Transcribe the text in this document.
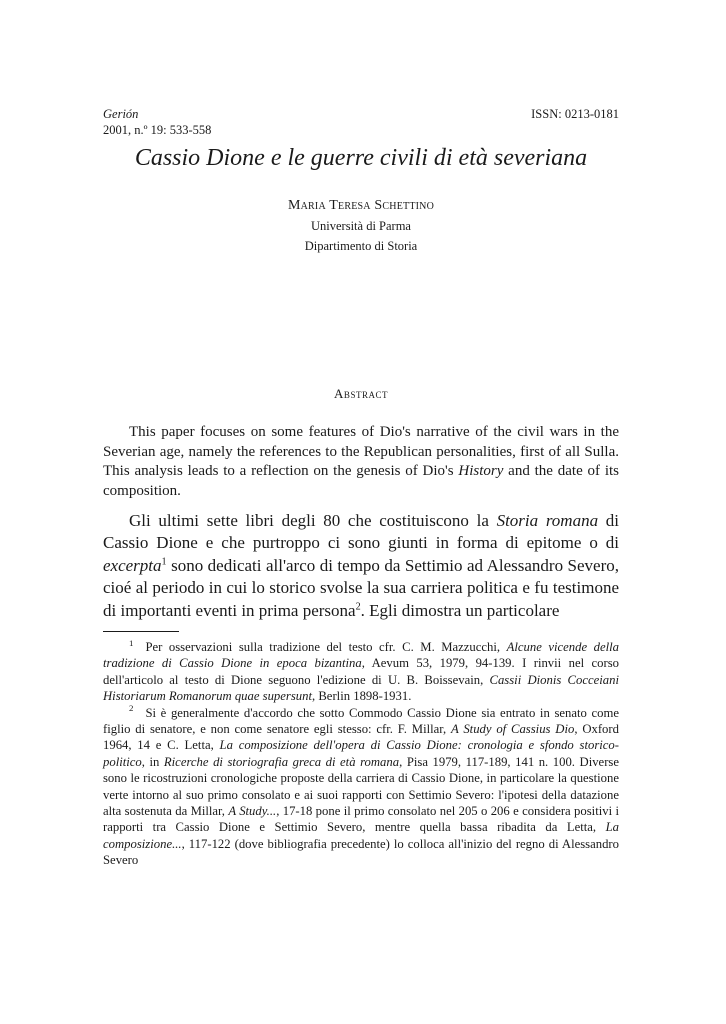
Gerión
2001, n.º 19: 533-558
ISSN: 0213-0181
Cassio Dione e le guerre civili di età severiana
Maria Teresa Schettino
Università di Parma
Dipartimento di Storia
Abstract

This paper focuses on some features of Dio's narrative of the civil wars in the Severian age, namely the references to the Republican personalities, first of all Sulla. This analysis leads to a reflection on the genesis of Dio's History and the date of its composition.

Gli ultimi sette libri degli 80 che costituiscono la Storia romana di Cassio Dione e che purtroppo ci sono giunti in forma di epitome o di excerpta$^1$ sono dedicati all'arco di tempo da Settimio ad Alessandro Severo, cioé al periodo in cui lo storico svolse la sua carriera politica e fu testimone di importanti eventi in prima persona$^2$. Egli dimostra un particolare

$^1$ Per osservazioni sulla tradizione del testo cfr. C. M. Mazzucchi, Alcune vicende della tradizione di Cassio Dione in epoca bizantina, Aevum 53, 1979, 94-139. I rinvii nel corso dell'articolo al testo di Dione seguono l'edizione di U. B. Boissevain, Cassii Dionis Cocceiani Historiarum Romanorum quae supersunt, Berlin 1898-1931.

$^2$ Si è generalmente d'accordo che sotto Commodo Cassio Dione sia entrato in senato come figlio di senatore, e non come senatore egli stesso: cfr. F. Millar, A Study of Cassius Dio, Oxford 1964, 14 e C. Letta, La composizione dell'opera di Cassio Dione: cronologia e sfondo storico-politico, in Ricerche di storiografia greca di età romana, Pisa 1979, 117-189, 141 n. 100. Diverse sono le ricostruzioni cronologiche proposte della carriera di Cassio Dione, in particolare la questione verte intorno al suo primo consolato e ai suoi rapporti con Settimio Severo: l'ipotesi della datazione alta sostenuta da Millar, A Study..., 17-18 pone il primo consolato nel 205 o 206 e considera positivi i rapporti tra Cassio Dione e Settimio Severo, mentre quella bassa ribadita da Letta, La composizione..., 117-122 (dove bibliografia precedente) lo colloca all'inizio del regno di Alessandro Severo
